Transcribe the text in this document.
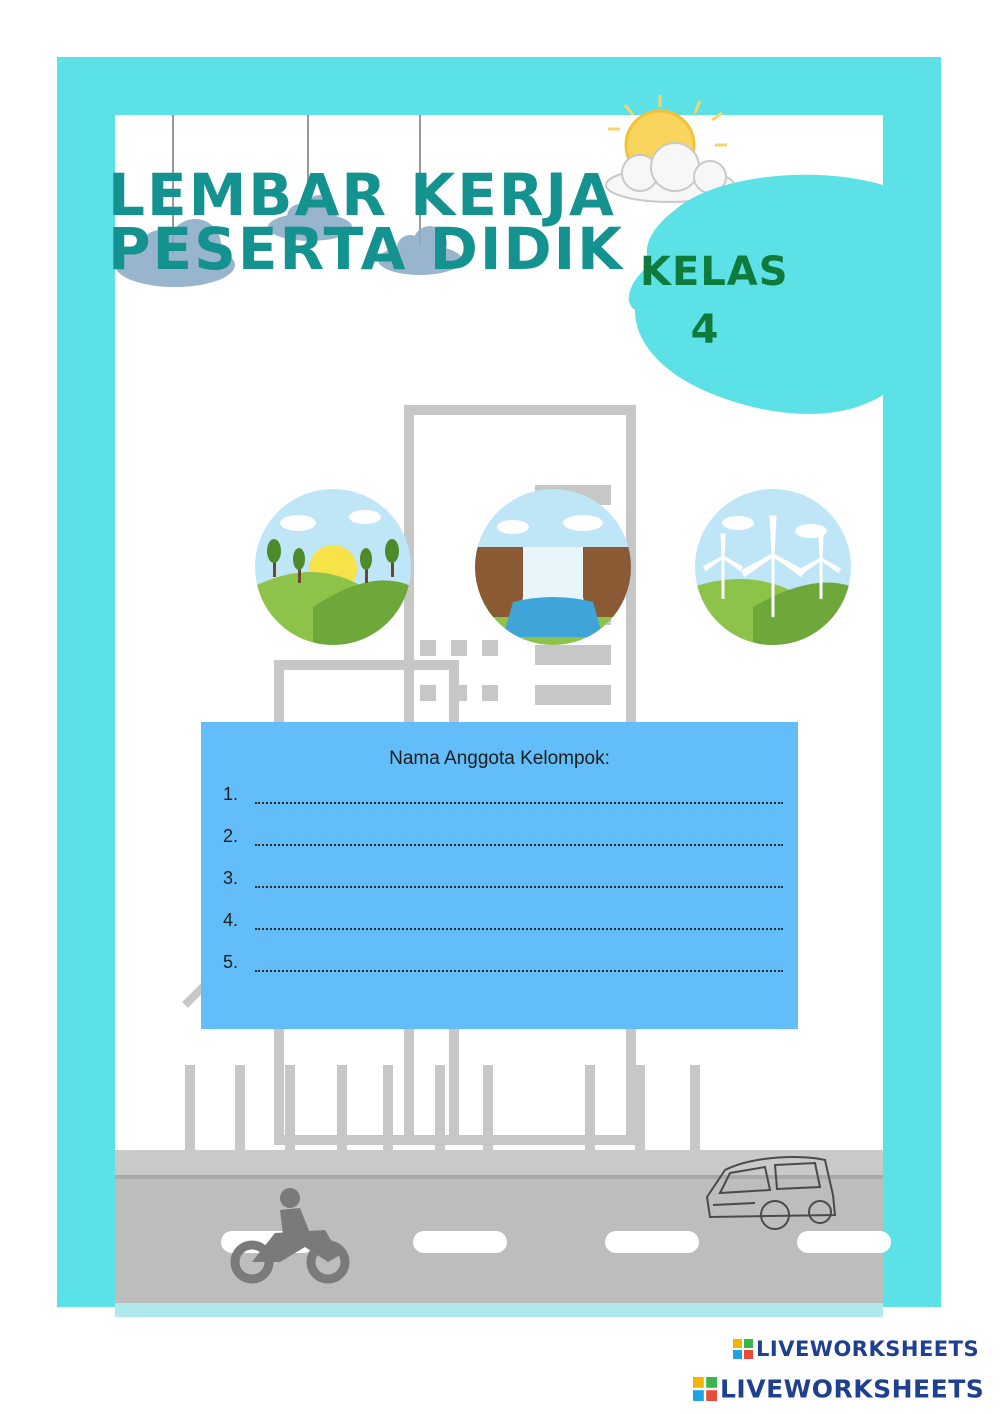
LIVEWORKSHEETS
LEMBAR KERJA
PESERTA DIDIK KELAS
4
Nama Anggota Kelompok:
1.
2.
3.
4.
5.
LIVEWORKSHEETS
